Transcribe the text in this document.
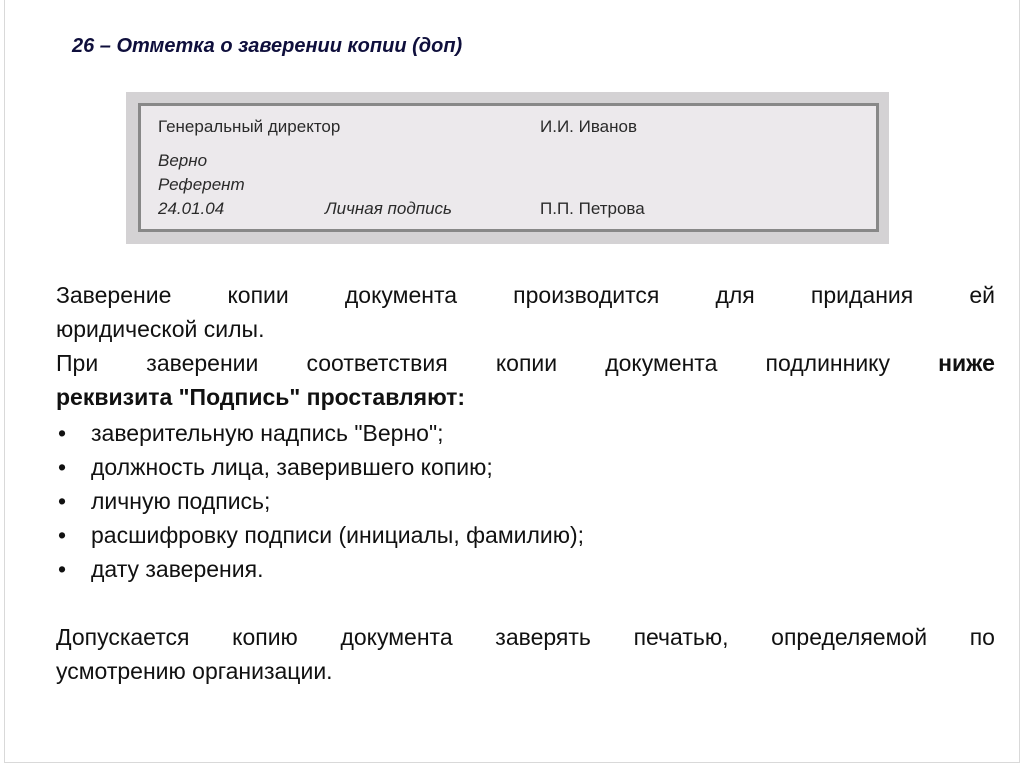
26 – Отметка о заверении копии (доп)
Генеральный директор	И.И. Иванов
Верно
Референт
24.01.04	Личная подпись	П.П. Петрова
Заверение копии документа производится для придания ей
юридической силы.
При заверении соответствия копии документа подлиннику ниже
реквизита "Подпись" проставляют:
• заверительную надпись "Верно";
• должность лица, заверившего копию;
• личную подпись;
• расшифровку подписи (инициалы, фамилию);
• дату заверения.
Допускается копию документа заверять печатью, определяемой по
усмотрению организации.
